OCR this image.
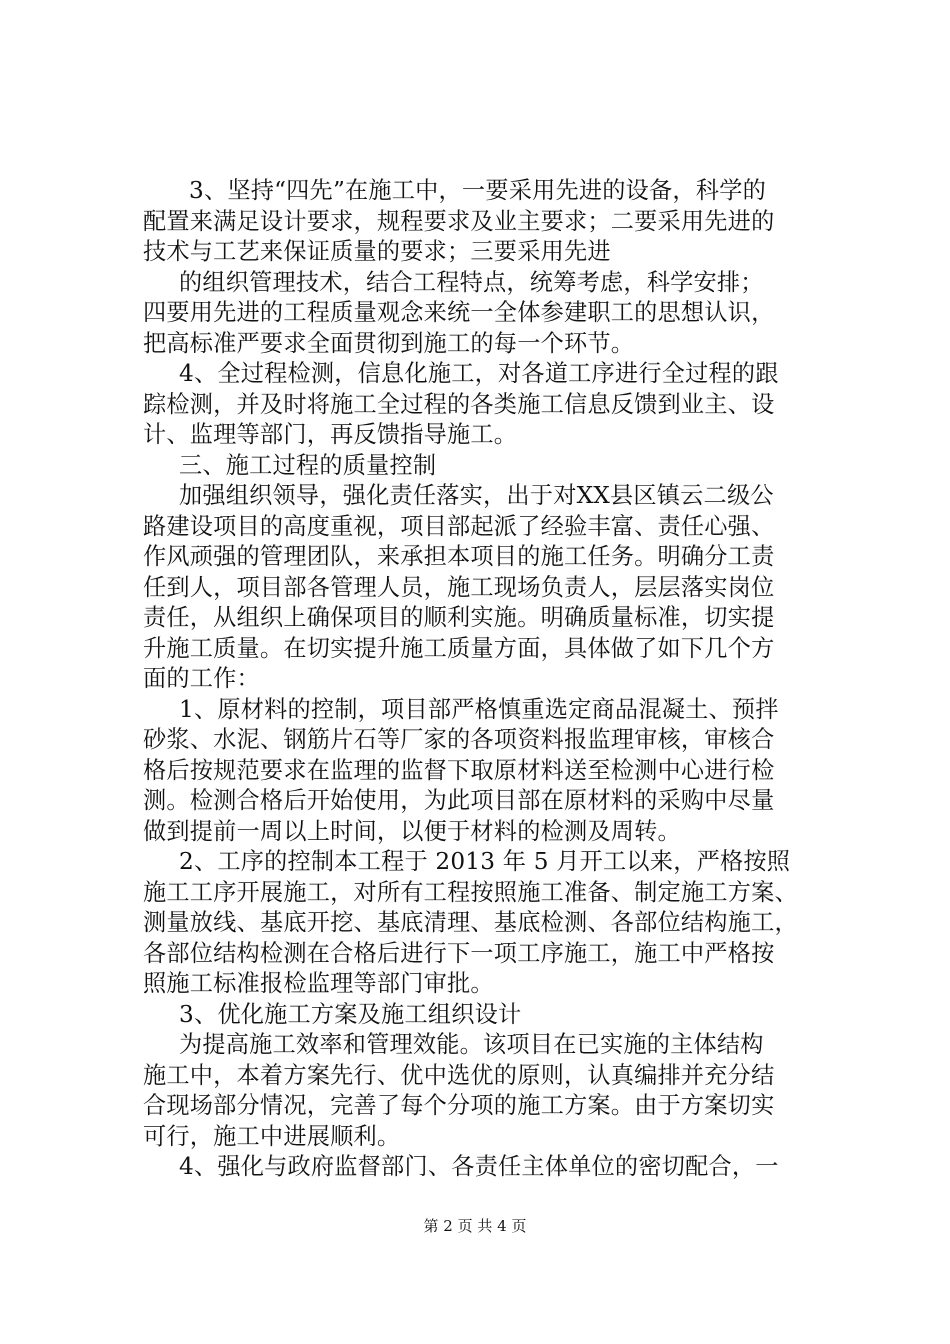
3、坚持“四先”在施工中，一要采用先进的设备，科学的
配置来满足设计要求，规程要求及业主要求；二要采用先进的
技术与工艺来保证质量的要求；三要采用先进
的组织管理技术，结合工程特点，统筹考虑，科学安排；
四要用先进的工程质量观念来统一全体参建职工的思想认识，
把高标准严要求全面贯彻到施工的每一个环节。
4、全过程检测，信息化施工，对各道工序进行全过程的跟
踪检测，并及时将施工全过程的各类施工信息反馈到业主、设
计、监理等部门，再反馈指导施工。
三、施工过程的质量控制
加强组织领导，强化责任落实，出于对XX县区镇云二级公
路建设项目的高度重视，项目部起派了经验丰富、责任心强、
作风顽强的管理团队，来承担本项目的施工任务。明确分工责
任到人，项目部各管理人员，施工现场负责人，层层落实岗位
责任，从组织上确保项目的顺利实施。明确质量标准，切实提
升施工质量。在切实提升施工质量方面，具体做了如下几个方
面的工作：
1、原材料的控制，项目部严格慎重选定商品混凝土、预拌
砂浆、水泥、钢筋片石等厂家的各项资料报监理审核，审核合
格后按规范要求在监理的监督下取原材料送至检测中心进行检
测。检测合格后开始使用，为此项目部在原材料的采购中尽量
做到提前一周以上时间，以便于材料的检测及周转。
2、工序的控制本工程于 2013 年 5 月开工以来，严格按照
施工工序开展施工，对所有工程按照施工准备、制定施工方案、
测量放线、基底开挖、基底清理、基底检测、各部位结构施工，
各部位结构检测在合格后进行下一项工序施工，施工中严格按
照施工标准报检监理等部门审批。
3、优化施工方案及施工组织设计
为提高施工效率和管理效能。该项目在已实施的主体结构
施工中，本着方案先行、优中选优的原则，认真编排并充分结
合现场部分情况，完善了每个分项的施工方案。由于方案切实
可行，施工中进展顺利。
4、强化与政府监督部门、各责任主体单位的密切配合，一
第 2 页 共 4 页
